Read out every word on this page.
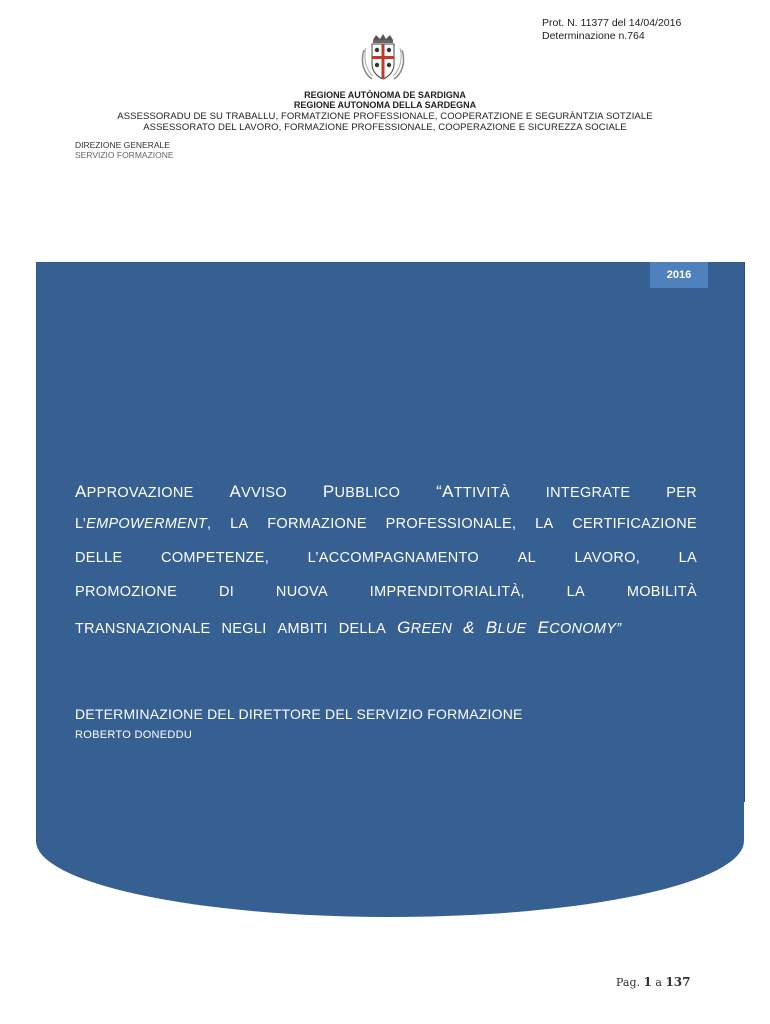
Prot. N. 11377 del 14/04/2016
Determinazione n.764
REGIONE AUTÒNOMA DE SARDIGNA
REGIONE AUTONOMA DELLA SARDEGNA
ASSESSORADU DE SU TRABALLU, FORMATZIONE PROFESSIONALE, COOPERATZIONE E SEGURÀNTZIA SOTZIALE
ASSESSORATO DEL LAVORO, FORMAZIONE PROFESSIONALE, COOPERAZIONE E SICUREZZA SOCIALE
DIREZIONE GENERALE
SERVIZIO FORMAZIONE
2016
APPROVAZIONE AVVISO PUBBLICO “ATTIVITÀ INTEGRATE PER
L’EMPOWERMENT, LA FORMAZIONE PROFESSIONALE, LA CERTIFICAZIONE
DELLE	COMPETENZE,	L’ACCOMPAGNAMENTO	AL	LAVORO,	LA
PROMOZIONE	DI	NUOVA	IMPRENDITORIALITÀ,	LA	MOBILITÀ
TRANSNAZIONALE NEGLI AMBITI DELLA GREEN & BLUE ECONOMY”
DETERMINAZIONE DEL DIRETTORE DEL SERVIZIO FORMAZIONE
ROBERTO DONEDDU
Pag. 1 a 137
